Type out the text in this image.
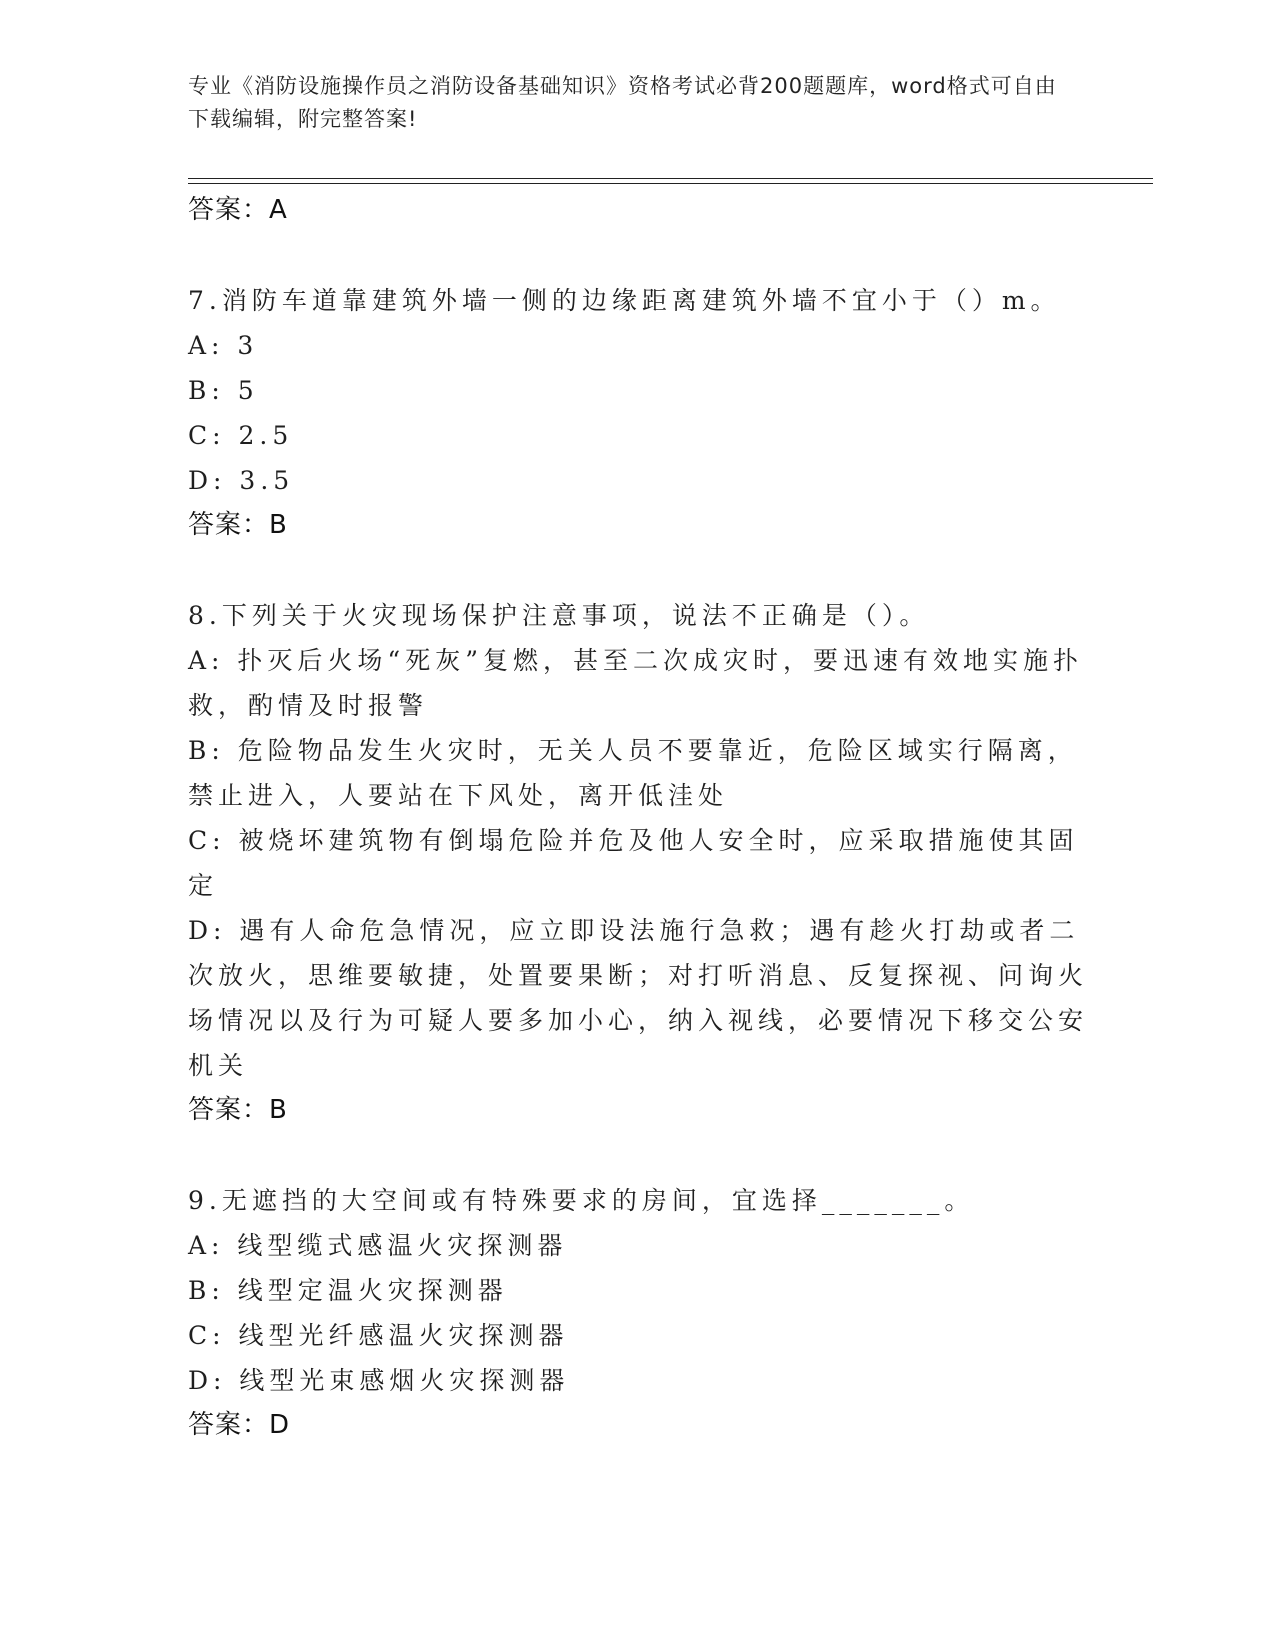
专业《消防设施操作员之消防设备基础知识》资格考试必背200题题库，word格式可自由下载编辑，附完整答案!
答案：A
7.消防车道靠建筑外墙一侧的边缘距离建筑外墙不宜小于（）m。
A: 3
B: 5
C: 2.5
D: 3.5
答案：B
8.下列关于火灾现场保护注意事项，说法不正确是（）。
A: 扑灭后火场“死灰”复燃，甚至二次成灾时，要迅速有效地实施扑救，酌情及时报警
B: 危险物品发生火灾时，无关人员不要靠近，危险区域实行隔离，禁止进入，人要站在下风处，离开低洼处
C: 被烧坏建筑物有倒塌危险并危及他人安全时，应采取措施使其固定
D: 遇有人命危急情况，应立即设法施行急救；遇有趁火打劫或者二次放火，思维要敏捷，处置要果断；对打听消息、反复探视、问询火场情况以及行为可疑人要多加小心，纳入视线，必要情况下移交公安机关
答案：B
9.无遮挡的大空间或有特殊要求的房间，宜选择_______。
A: 线型缆式感温火灾探测器
B: 线型定温火灾探测器
C: 线型光纤感温火灾探测器
D: 线型光束感烟火灾探测器
答案：D
